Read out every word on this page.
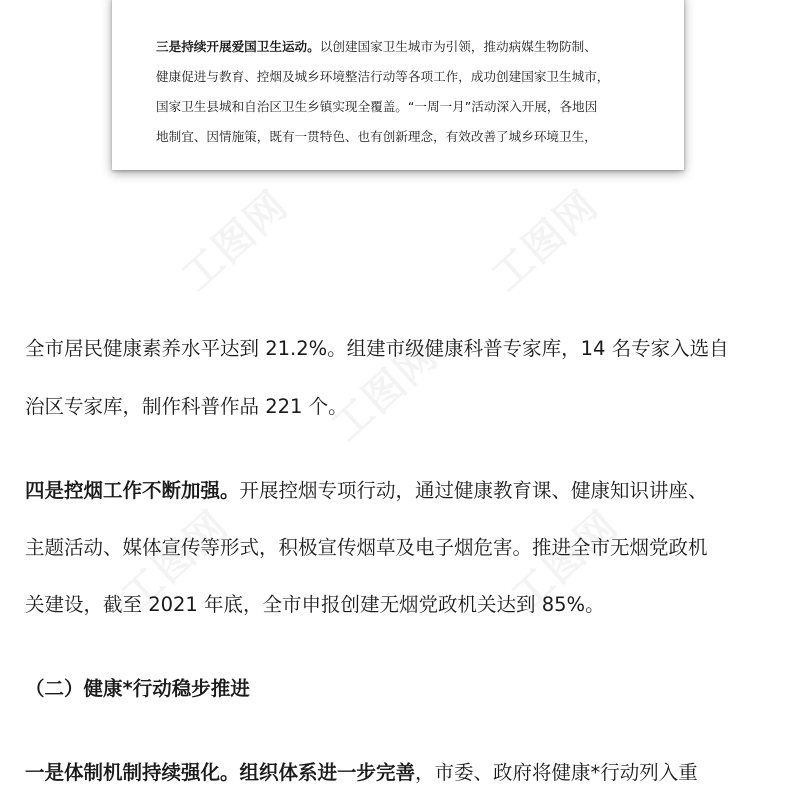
工图网	工图网
工图网
工图网	工图网
三是持续开展爱国卫生运动。以创建国家卫生城市为引领，推动病媒生物防制、
健康促进与教育、控烟及城乡环境整洁行动等各项工作，成功创建国家卫生城市，
国家卫生县城和自治区卫生乡镇实现全覆盖。“一周一月”活动深入开展，各地因
地制宜、因情施策，既有一贯特色、也有创新理念，有效改善了城乡环境卫生，
全市居民健康素养水平达到 21.2%。组建市级健康科普专家库，14 名专家入选自
治区专家库，制作科普作品 221 个。
四是控烟工作不断加强。开展控烟专项行动，通过健康教育课、健康知识讲座、
主题活动、媒体宣传等形式，积极宣传烟草及电子烟危害。推进全市无烟党政机
关建设，截至 2021 年底，全市申报创建无烟党政机关达到 85%。
（二）健康*行动稳步推进
一是体制机制持续强化。组织体系进一步完善，市委、政府将健康*行动列入重
